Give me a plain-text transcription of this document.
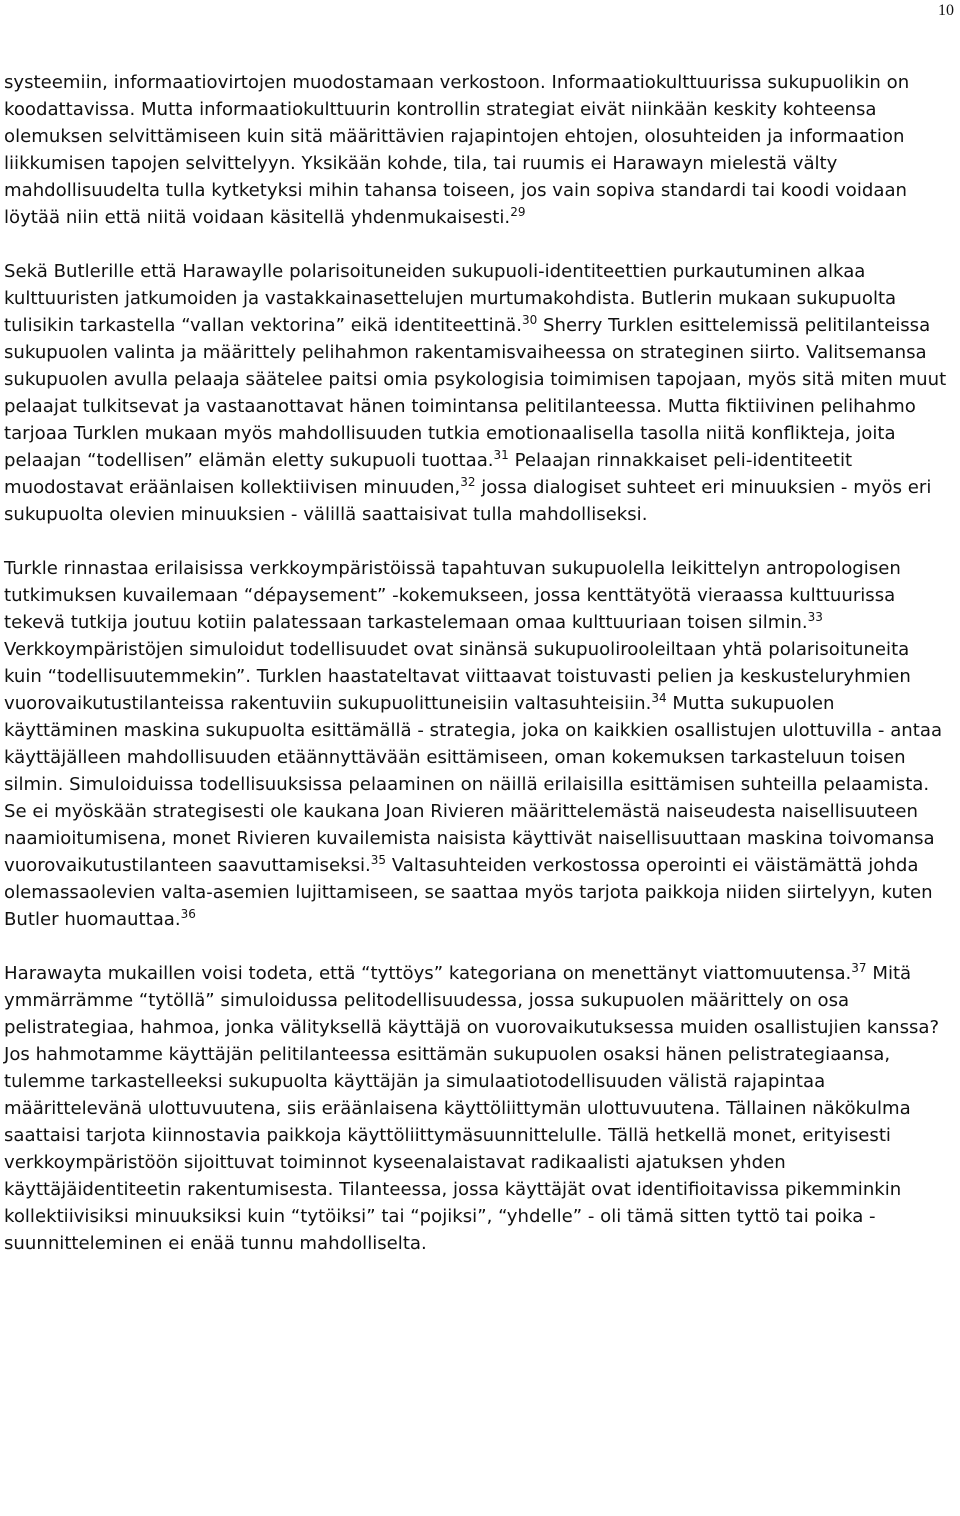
10

systeemiin, informaatiovirtojen muodostamaan verkostoon. Informaatiokulttuurissa sukupuolikin on koodattavissa. Mutta informaatiokulttuurin kontrollin strategiat eivät niinkään keskity kohteensa olemuksen selvittämiseen kuin sitä määrittävien rajapintojen ehtojen, olosuhteiden ja informaation liikkumisen tapojen selvittelyyn. Yksikään kohde, tila, tai ruumis ei Harawayn mielestä välty mahdollisuudelta tulla kytketyksi mihin tahansa toiseen, jos vain sopiva standardi tai koodi voidaan löytää niin että niitä voidaan käsitellä yhdenmukaisesti.$^{29}$

Sekä Butlerille että Harawaylle polarisoituneiden sukupuoli-identiteettien purkautuminen alkaa kulttuuristen jatkumoiden ja vastakkainasettelujen murtumakohdista. Butlerin mukaan sukupuolta tulisikin tarkastella “vallan vektorina” eikä identiteettinä.$^{30}$ Sherry Turklen esittelemissä pelitilanteissa sukupuolen valinta ja määrittely pelihahmon rakentamisvaiheessa on strateginen siirto. Valitsemansa sukupuolen avulla pelaaja säätelee paitsi omia psykologisia toimimisen tapojaan, myös sitä miten muut pelaajat tulkitsevat ja vastaanottavat hänen toimintansa pelitilanteessa. Mutta fiktiivinen pelihahmo tarjoaa Turklen mukaan myös mahdollisuuden tutkia emotionaalisella tasolla niitä konflikteja, joita pelaajan “todellisen” elämän eletty sukupuoli tuottaa.$^{31}$ Pelaajan rinnakkaiset peli-identiteetit muodostavat eräänlaisen kollektiivisen minuuden,$^{32}$ jossa dialogiset suhteet eri minuuksien - myös eri sukupuolta olevien minuuksien - välillä saattaisivat tulla mahdolliseksi.

Turkle rinnastaa erilaisissa verkkoympäristöissä tapahtuvan sukupuolella leikittelyn antropologisen tutkimuksen kuvailemaan “dépaysement” -kokemukseen, jossa kenttätyötä vieraassa kulttuurissa tekevä tutkija joutuu kotiin palatessaan tarkastelemaan omaa kulttuuriaan toisen silmin.$^{33}$ Verkkoympäristöjen simuloidut todellisuudet ovat sinänsä sukupuolirooleiltaan yhtä polarisoituneita kuin “todellisuutemmekin”. Turklen haastateltavat viittaavat toistuvasti pelien ja keskusteluryhmien vuorovaikutustilanteissa rakentuviin sukupuolittuneisiin valtasuhteisiin.$^{34}$ Mutta sukupuolen käyttäminen maskina sukupuolta esittämällä - strategia, joka on kaikkien osallistujen ulottuvilla - antaa käyttäjälleen mahdollisuuden etäännyttävään esittämiseen, oman kokemuksen tarkasteluun toisen silmin. Simuloiduissa todellisuuksissa pelaaminen on näillä erilaisilla esittämisen suhteilla pelaamista. Se ei myöskään strategisesti ole kaukana Joan Rivieren määrittelemästä naiseudesta naisellisuuteen naamioitumisena, monet Rivieren kuvailemista naisista käyttivät naisellisuuttaan maskina toivomansa vuorovaikutustilanteen saavuttamiseksi.$^{35}$ Valtasuhteiden verkostossa operointi ei väistämättä johda olemassaolevien valta-asemien lujittamiseen, se saattaa myös tarjota paikkoja niiden siirtelyyn, kuten Butler huomauttaa.$^{36}$

Harawayta mukaillen voisi todeta, että “tyttöys” kategoriana on menettänyt viattomuutensa.$^{37}$ Mitä ymmärrämme “tytöllä” simuloidussa pelitodellisuudessa, jossa sukupuolen määrittely on osa pelistrategiaa, hahmoa, jonka välityksellä käyttäjä on vuorovaikutuksessa muiden osallistujien kanssa? Jos hahmotamme käyttäjän pelitilanteessa esittämän sukupuolen osaksi hänen pelistrategiaansa, tulemme tarkastelleeksi sukupuolta käyttäjän ja simulaatiotodellisuuden välistä rajapintaa määrittelevänä ulottuvuutena, siis eräänlaisena käyttöliittymän ulottuvuutena. Tällainen näkökulma saattaisi tarjota kiinnostavia paikkoja käyttöliittymäsuunnittelulle. Tällä hetkellä monet, erityisesti verkkoympäristöön sijoittuvat toiminnot kyseenalaistavat radikaalisti ajatuksen yhden käyttäjäidentiteetin rakentumisesta. Tilanteessa, jossa käyttäjät ovat identifioitavissa pikemminkin kollektiivisiksi minuuksiksi kuin “tytöiksi” tai “pojiksi”, “yhdelle” - oli tämä sitten tyttö tai poika - suunnitteleminen ei enää tunnu mahdolliselta.
